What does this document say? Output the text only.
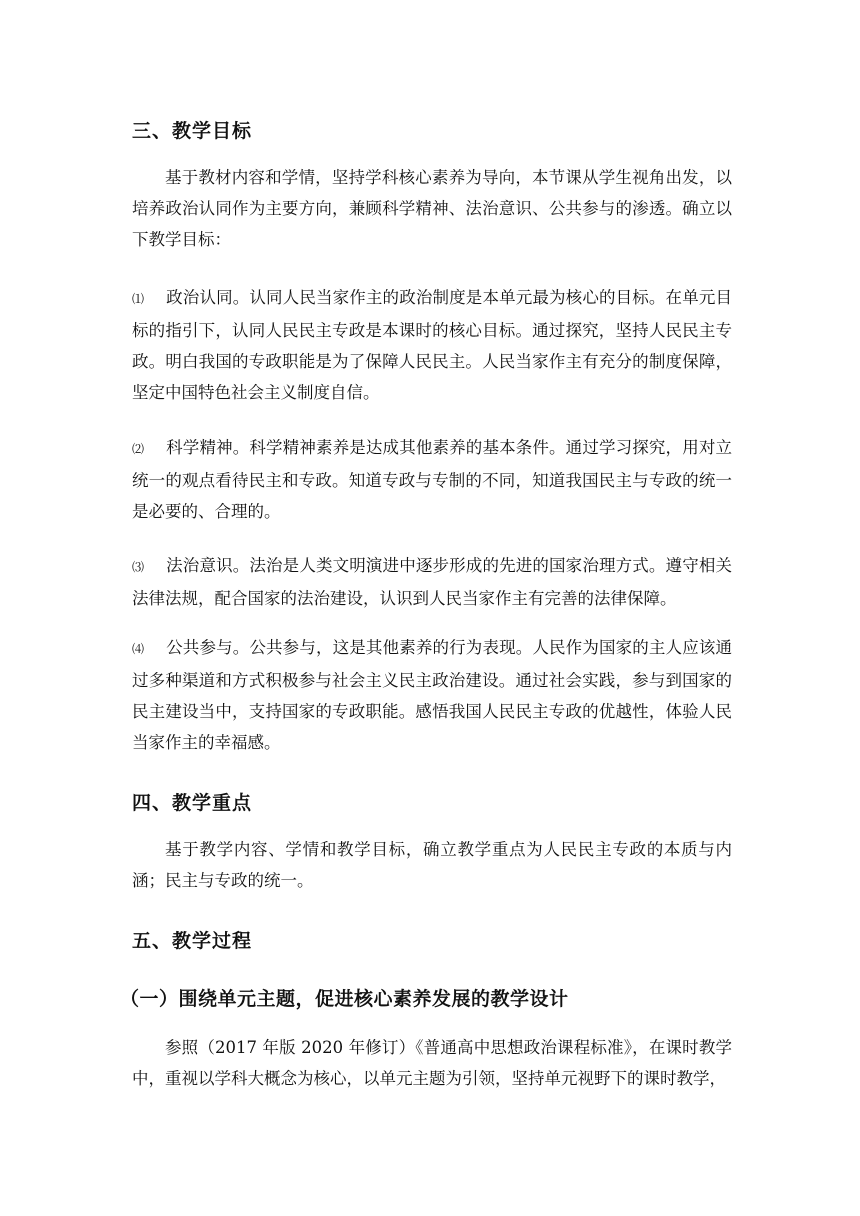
三、教学目标

基于教材内容和学情，坚持学科核心素养为导向，本节课从学生视角出发，以培养政治认同作为主要方向，兼顾科学精神、法治意识、公共参与的渗透。确立以下教学目标：

⑴ 政治认同。认同人民当家作主的政治制度是本单元最为核心的目标。在单元目标的指引下，认同人民民主专政是本课时的核心目标。通过探究，坚持人民民主专政。明白我国的专政职能是为了保障人民民主。人民当家作主有充分的制度保障，坚定中国特色社会主义制度自信。

⑵ 科学精神。科学精神素养是达成其他素养的基本条件。通过学习探究，用对立统一的观点看待民主和专政。知道专政与专制的不同，知道我国民主与专政的统一是必要的、合理的。

⑶ 法治意识。法治是人类文明演进中逐步形成的先进的国家治理方式。遵守相关法律法规，配合国家的法治建设，认识到人民当家作主有完善的法律保障。

⑷ 公共参与。公共参与，这是其他素养的行为表现。人民作为国家的主人应该通过多种渠道和方式积极参与社会主义民主政治建设。通过社会实践，参与到国家的民主建设当中，支持国家的专政职能。感悟我国人民民主专政的优越性，体验人民当家作主的幸福感。

四、教学重点

基于教学内容、学情和教学目标，确立教学重点为人民民主专政的本质与内涵；民主与专政的统一。

五、教学过程
（一）围绕单元主题，促进核心素养发展的教学设计

参照（2017 年版 2020 年修订）《普通高中思想政治课程标准》，在课时教学中，重视以学科大概念为核心，以单元主题为引领，坚持单元视野下的课时教学，
